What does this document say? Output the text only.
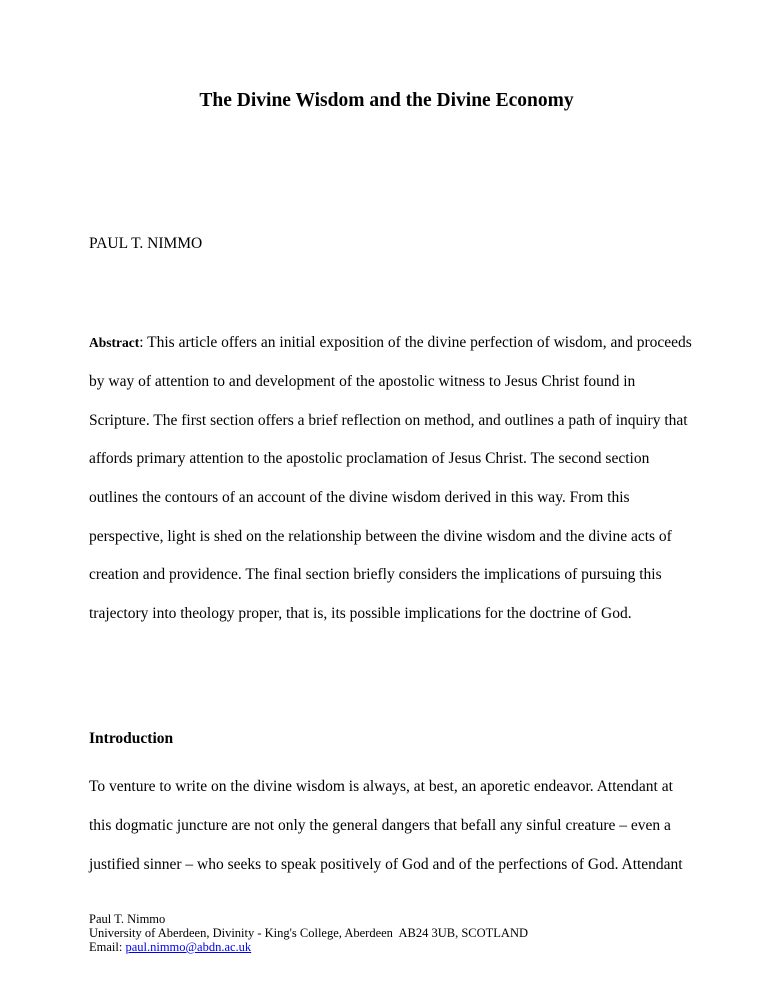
The Divine Wisdom and the Divine Economy
PAUL T. NIMMO
Abstract: This article offers an initial exposition of the divine perfection of wisdom, and proceeds
by way of attention to and development of the apostolic witness to Jesus Christ found in
Scripture. The first section offers a brief reflection on method, and outlines a path of inquiry that
affords primary attention to the apostolic proclamation of Jesus Christ. The second section
outlines the contours of an account of the divine wisdom derived in this way. From this
perspective, light is shed on the relationship between the divine wisdom and the divine acts of
creation and providence. The final section briefly considers the implications of pursuing this
trajectory into theology proper, that is, its possible implications for the doctrine of God.
Introduction
To venture to write on the divine wisdom is always, at best, an aporetic endeavor. Attendant at
this dogmatic juncture are not only the general dangers that befall any sinful creature – even a
justified sinner – who seeks to speak positively of God and of the perfections of God. Attendant
Paul T. Nimmo
University of Aberdeen, Divinity - King's College, Aberdeen  AB24 3UB, SCOTLAND
Email: paul.nimmo@abdn.ac.uk
